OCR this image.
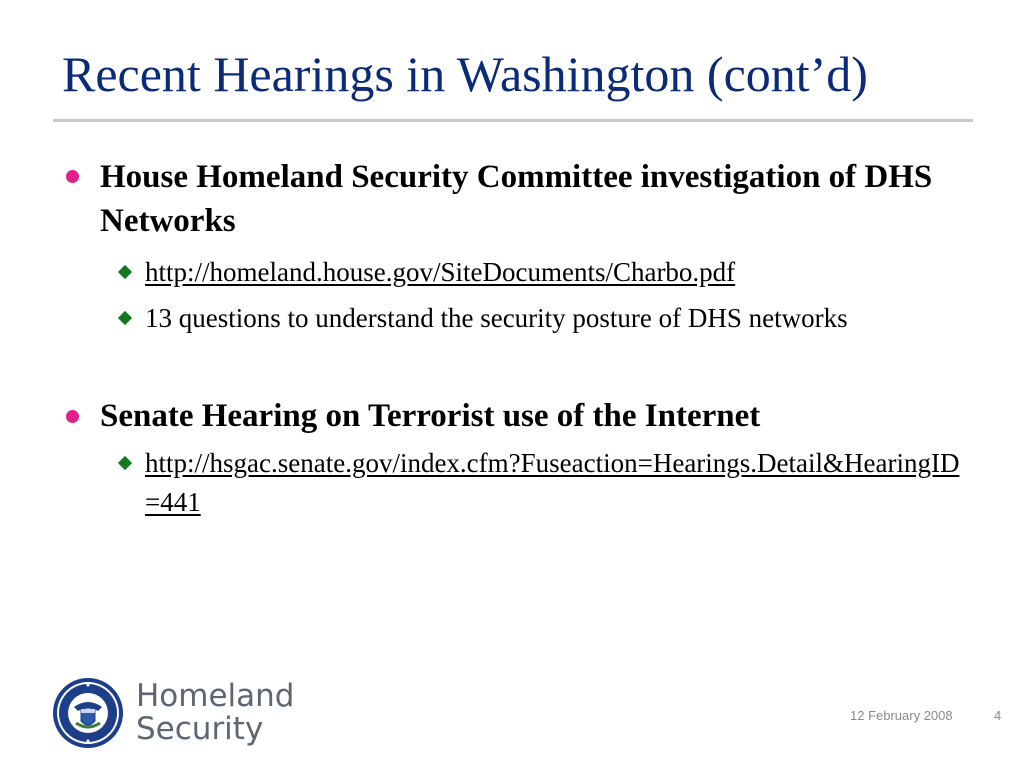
Recent Hearings in Washington (cont’d)
House Homeland Security Committee investigation of DHS Networks
http://homeland.house.gov/SiteDocuments/Charbo.pdf
13 questions to understand the security posture of DHS networks
Senate Hearing on Terrorist use of the Internet
http://hsgac.senate.gov/index.cfm?Fuseaction=Hearings.Detail&HearingID=441
Homeland
Security	12 February 2008	4
